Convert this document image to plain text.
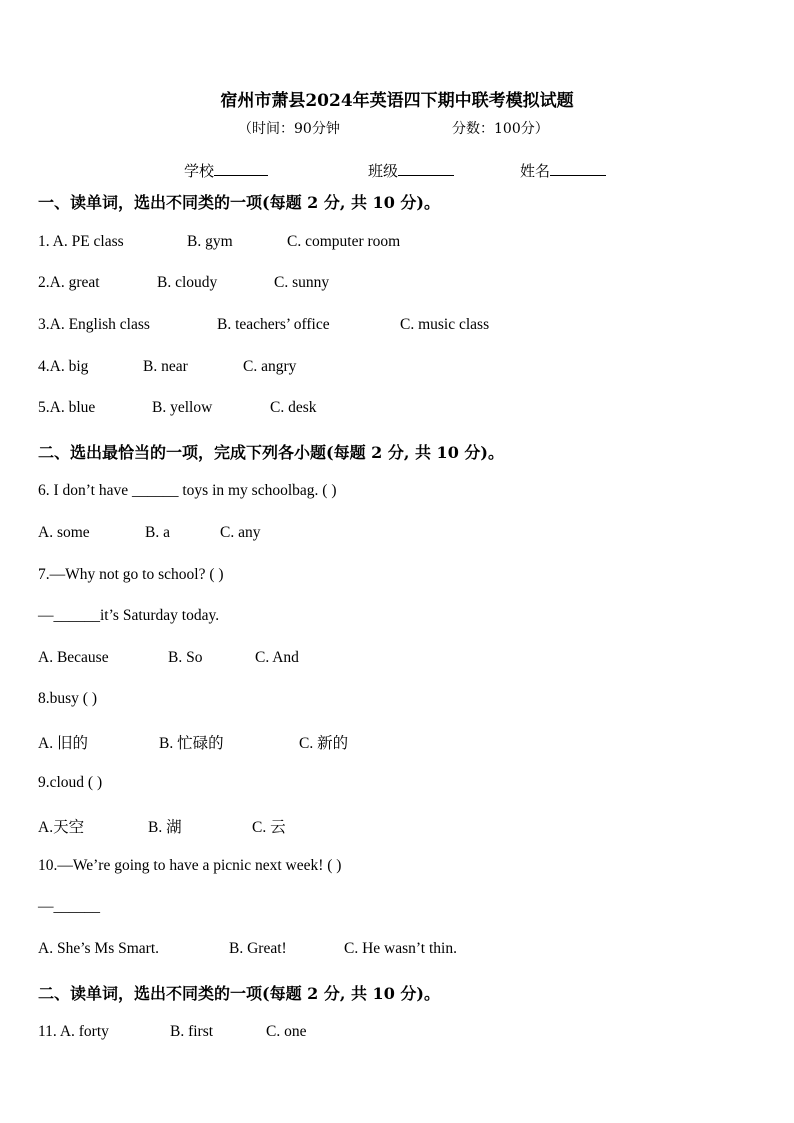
宿州市萧县2024年英语四下期中联考模拟试题
（时间：90分钟	分数：100分）
学校	班级	姓名
一、读单词，选出不同类的一项(每题 2 分, 共 10 分)。
1. A. PE class	B. gym	C. computer room
2.A. great	B. cloudy	C. sunny
3.A. English class	B. teachers’ office	C. music class
4.A. big	B. near	C. angry
5.A. blue	B. yellow	C. desk
二、选出最恰当的一项，完成下列各小题(每题 2 分, 共 10 分)。
6. I don’t have ______ toys in my schoolbag. ( )
A. some	B. a	C. any
7.—Why not go to school? ( )
—______it’s Saturday today.
A. Because	B. So	C. And
8.busy ( )
A. 旧的	B. 忙碌的	C. 新的
9.cloud ( )
A.天空	B. 湖	C. 云
10.—We’re going to have a picnic next week! ( )
—______
A. She’s Ms Smart.	B. Great!	C. He wasn’t thin.
二、读单词，选出不同类的一项(每题 2 分, 共 10 分)。
11. A. forty	B. first	C. one
